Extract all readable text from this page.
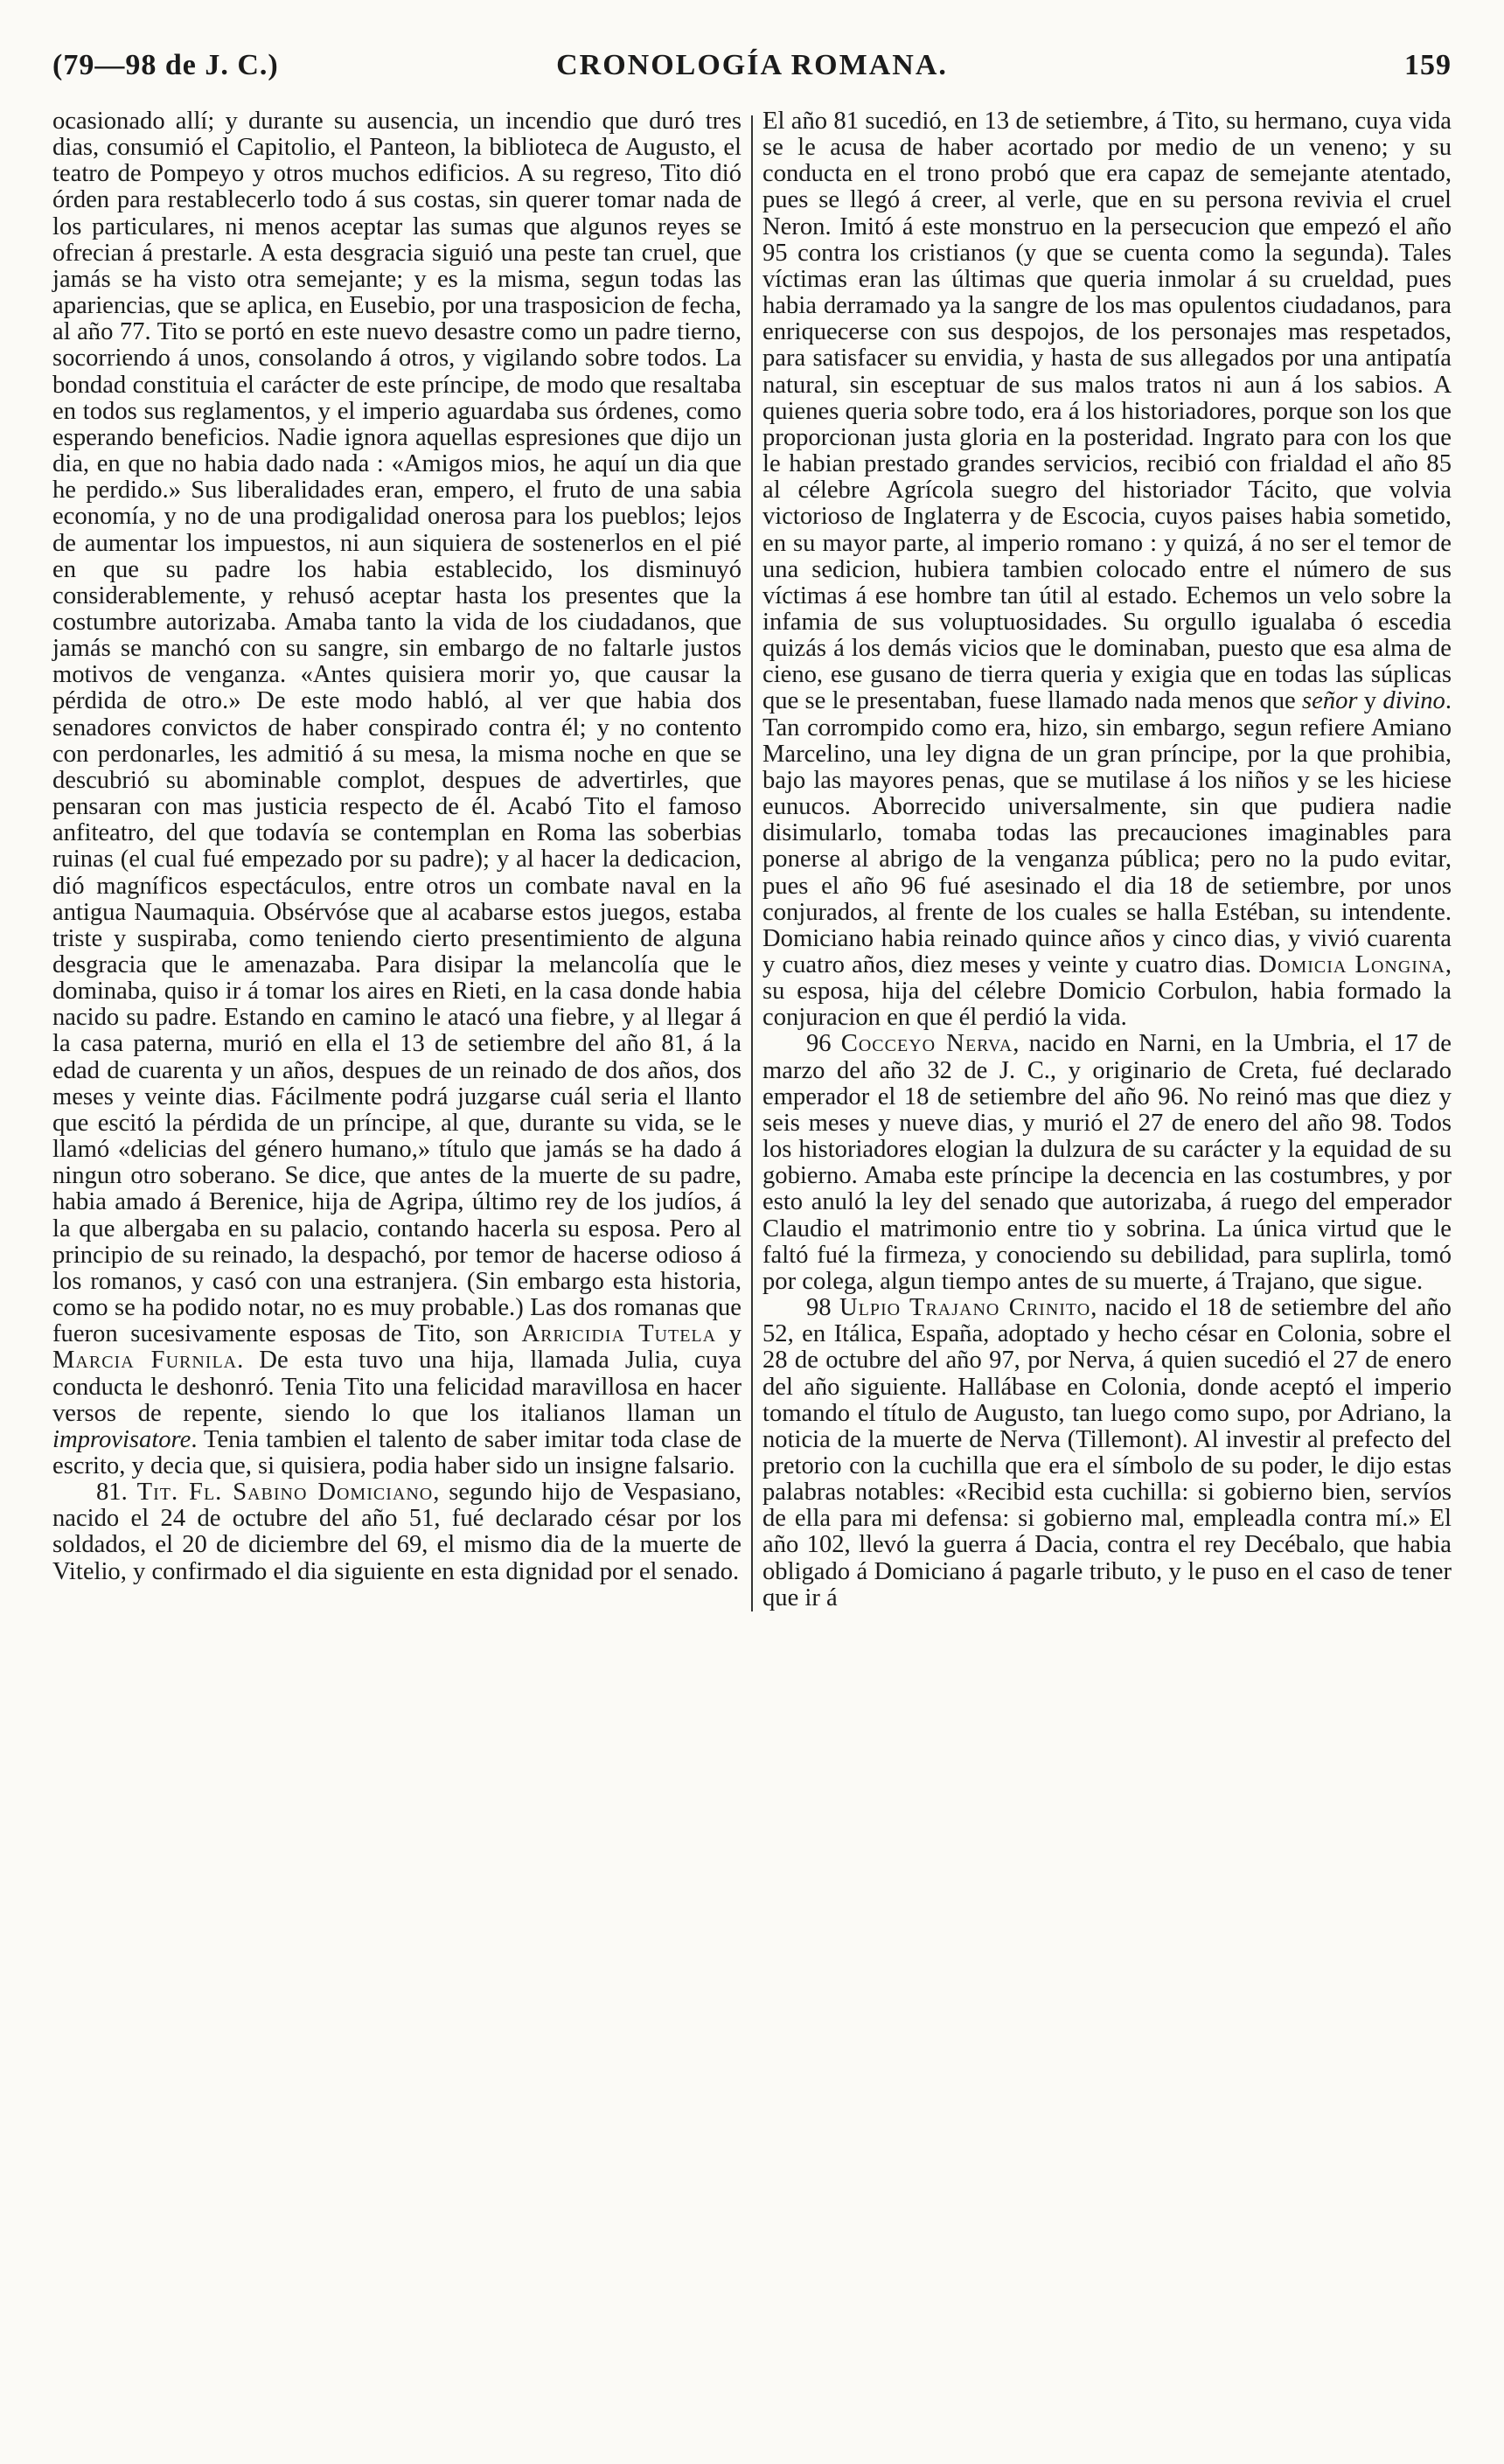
(79—98 de J. C.)	CRONOLOGÍA ROMANA.	159

ocasionado allí; y durante su ausencia, un incendio que duró tres dias, consumió el Capitolio, el Panteon, la biblioteca de Augusto, el teatro de Pompeyo y otros muchos edificios. A su regreso, Tito dió órden para restablecerlo todo á sus costas, sin querer tomar nada de los particulares, ni menos aceptar las sumas que algunos reyes se ofrecian á prestarle. A esta desgracia siguió una peste tan cruel, que jamás se ha visto otra semejante; y es la misma, segun todas las apariencias, que se aplica, en Eusebio, por una trasposicion de fecha, al año 77. Tito se portó en este nuevo desastre como un padre tierno, socorriendo á unos, consolando á otros, y vigilando sobre todos. La bondad constituia el carácter de este príncipe, de modo que resaltaba en todos sus reglamentos, y el imperio aguardaba sus órdenes, como esperando beneficios. Nadie ignora aquellas espresiones que dijo un dia, en que no habia dado nada : «Amigos mios, he aquí un dia que he perdido.» Sus liberalidades eran, empero, el fruto de una sabia economía, y no de una prodigalidad onerosa para los pueblos; lejos de aumentar los impuestos, ni aun siquiera de sostenerlos en el pié en que su padre los habia establecido, los disminuyó considerablemente, y rehusó aceptar hasta los presentes que la costumbre autorizaba. Amaba tanto la vida de los ciudadanos, que jamás se manchó con su sangre, sin embargo de no faltarle justos motivos de venganza. «Antes quisiera morir yo, que causar la pérdida de otro.» De este modo habló, al ver que habia dos senadores convictos de haber conspirado contra él; y no contento con perdonarles, les admitió á su mesa, la misma noche en que se descubrió su abominable complot, despues de advertirles, que pensaran con mas justicia respecto de él. Acabó Tito el famoso anfiteatro, del que todavía se contemplan en Roma las soberbias ruinas (el cual fué empezado por su padre); y al hacer la dedicacion, dió magníficos espectáculos, entre otros un combate naval en la antigua Naumaquia. Obsérvóse que al acabarse estos juegos, estaba triste y suspiraba, como teniendo cierto presentimiento de alguna desgracia que le amenazaba. Para disipar la melancolía que le dominaba, quiso ir á tomar los aires en Rieti, en la casa donde habia nacido su padre. Estando en camino le atacó una fiebre, y al llegar á la casa paterna, murió en ella el 13 de setiembre del año 81, á la edad de cuarenta y un años, despues de un reinado de dos años, dos meses y veinte dias. Fácilmente podrá juzgarse cuál seria el llanto que escitó la pérdida de un príncipe, al que, durante su vida, se le llamó «delicias del género humano,» título que jamás se ha dado á ningun otro soberano. Se dice, que antes de la muerte de su padre, habia amado á Berenice, hija de Agripa, último rey de los judíos, á la que albergaba en su palacio, contando hacerla su esposa. Pero al principio de su reinado, la despachó, por temor de hacerse odioso á los romanos, y casó con una estranjera. (Sin embargo esta historia, como se ha podido notar, no es muy probable.) Las dos romanas que fueron sucesivamente esposas de Tito, son Arricidia Tutela y Marcia Furnila. De esta tuvo una hija, llamada Julia, cuya conducta le deshonró. Tenia Tito una felicidad maravillosa en hacer versos de repente, siendo lo que los italianos llaman un improvisatore. Tenia tambien el talento de saber imitar toda clase de escrito, y decia que, si quisiera, podia haber sido un insigne falsario.

81. Tit. Fl. Sabino Domiciano, segundo hijo de Vespasiano, nacido el 24 de octubre del año 51, fué declarado césar por los soldados, el 20 de diciembre del 69, el mismo dia de la muerte de Vitelio, y confirmado el dia siguiente en esta dignidad por el senado.

El año 81 sucedió, en 13 de setiembre, á Tito, su hermano, cuya vida se le acusa de haber acortado por medio de un veneno; y su conducta en el trono probó que era capaz de semejante atentado, pues se llegó á creer, al verle, que en su persona revivia el cruel Neron. Imitó á este monstruo en la persecucion que empezó el año 95 contra los cristianos (y que se cuenta como la segunda). Tales víctimas eran las últimas que queria inmolar á su crueldad, pues habia derramado ya la sangre de los mas opulentos ciudadanos, para enriquecerse con sus despojos, de los personajes mas respetados, para satisfacer su envidia, y hasta de sus allegados por una antipatía natural, sin esceptuar de sus malos tratos ni aun á los sabios. A quienes queria sobre todo, era á los historiadores, porque son los que proporcionan justa gloria en la posteridad. Ingrato para con los que le habian prestado grandes servicios, recibió con frialdad el año 85 al célebre Agrícola suegro del historiador Tácito, que volvia victorioso de Inglaterra y de Escocia, cuyos paises habia sometido, en su mayor parte, al imperio romano : y quizá, á no ser el temor de una sedicion, hubiera tambien colocado entre el número de sus víctimas á ese hombre tan útil al estado. Echemos un velo sobre la infamia de sus voluptuosidades. Su orgullo igualaba ó escedia quizás á los demás vicios que le dominaban, puesto que esa alma de cieno, ese gusano de tierra queria y exigia que en todas las súplicas que se le presentaban, fuese llamado nada menos que señor y divino. Tan corrompido como era, hizo, sin embargo, segun refiere Amiano Marcelino, una ley digna de un gran príncipe, por la que prohibia, bajo las mayores penas, que se mutilase á los niños y se les hiciese eunucos. Aborrecido universalmente, sin que pudiera nadie disimularlo, tomaba todas las precauciones imaginables para ponerse al abrigo de la venganza pública; pero no la pudo evitar, pues el año 96 fué asesinado el dia 18 de setiembre, por unos conjurados, al frente de los cuales se halla Estéban, su intendente. Domiciano habia reinado quince años y cinco dias, y vivió cuarenta y cuatro años, diez meses y veinte y cuatro dias. Domicia Longina, su esposa, hija del célebre Domicio Corbulon, habia formado la conjuracion en que él perdió la vida.

96 Cocceyo Nerva, nacido en Narni, en la Umbria, el 17 de marzo del año 32 de J. C., y originario de Creta, fué declarado emperador el 18 de setiembre del año 96. No reinó mas que diez y seis meses y nueve dias, y murió el 27 de enero del año 98. Todos los historiadores elogian la dulzura de su carácter y la equidad de su gobierno. Amaba este príncipe la decencia en las costumbres, y por esto anuló la ley del senado que autorizaba, á ruego del emperador Claudio el matrimonio entre tio y sobrina. La única virtud que le faltó fué la firmeza, y conociendo su debilidad, para suplirla, tomó por colega, algun tiempo antes de su muerte, á Trajano, que sigue.

98 Ulpio Trajano Crinito, nacido el 18 de setiembre del año 52, en Itálica, España, adoptado y hecho césar en Colonia, sobre el 28 de octubre del año 97, por Nerva, á quien sucedió el 27 de enero del año siguiente. Hallábase en Colonia, donde aceptó el imperio tomando el título de Augusto, tan luego como supo, por Adriano, la noticia de la muerte de Nerva (Tillemont). Al investir al prefecto del pretorio con la cuchilla que era el símbolo de su poder, le dijo estas palabras notables: «Recibid esta cuchilla: si gobierno bien, servíos de ella para mi defensa: si gobierno mal, empleadla contra mí.» El año 102, llevó la guerra á Dacia, contra el rey Decébalo, que habia obligado á Domiciano á pagarle tributo, y le puso en el caso de tener que ir á
